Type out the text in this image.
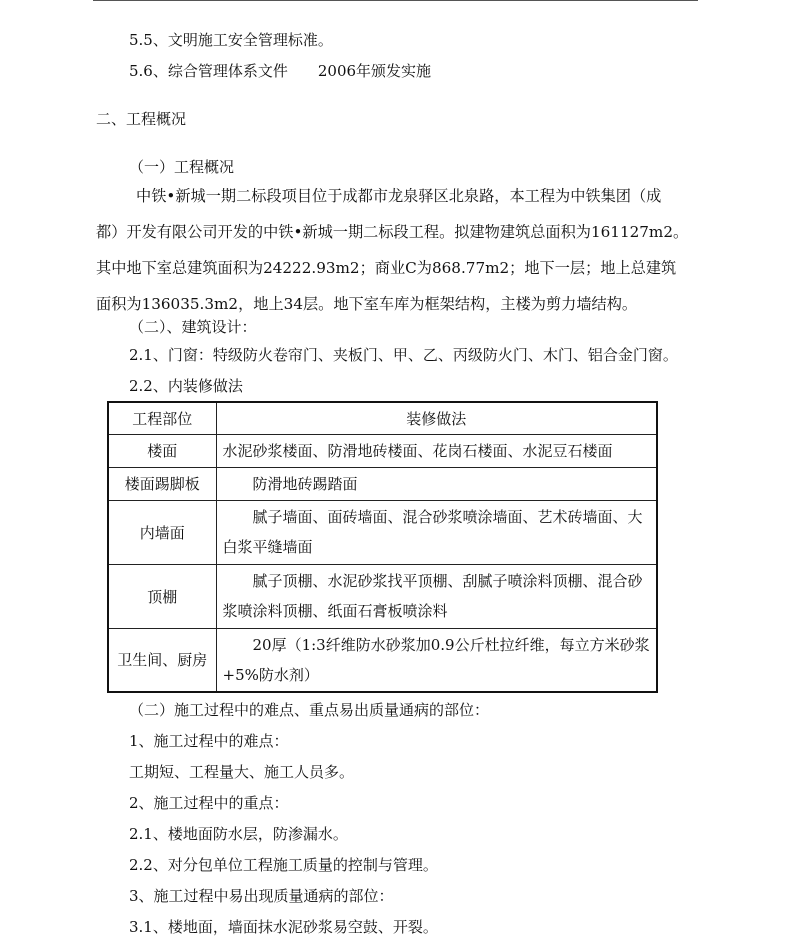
5.5、文明施工安全管理标准。
5.6、综合管理体系文件　　2006年颁发实施
二、工程概况
（一）工程概况
中铁•新城一期二标段项目位于成都市龙泉驿区北泉路，本工程为中铁集团（成
都）开发有限公司开发的中铁•新城一期二标段工程。拟建物建筑总面积为161127m2。
其中地下室总建筑面积为24222.93m2；商业C为868.77m2；地下一层；地上总建筑
面积为136035.3m2，地上34层。地下室车库为框架结构，主楼为剪力墙结构。
（二）、建筑设计：
2.1、门窗：特级防火卷帘门、夹板门、甲、乙、丙级防火门、木门、铝合金门窗。
2.2、内装修做法
工程部位	装修做法
楼面	水泥砂浆楼面、防滑地砖楼面、花岗石楼面、水泥豆石楼面
楼面踢脚板	防滑地砖踢踏面
内墙面	腻子墙面、面砖墙面、混合砂浆喷涂墙面、艺术砖墙面、大白浆平缝墙面
顶棚	腻子顶棚、水泥砂浆找平顶棚、刮腻子喷涂料顶棚、混合砂浆喷涂料顶棚、纸面石膏板喷涂料
卫生间、厨房	20厚（1:3纤维防水砂浆加0.9公斤杜拉纤维，每立方米砂浆+5%防水剂）
（二）施工过程中的难点、重点易出质量通病的部位：
1、施工过程中的难点：
工期短、工程量大、施工人员多。
2、施工过程中的重点：
2.1、楼地面防水层，防渗漏水。
2.2、对分包单位工程施工质量的控制与管理。
3、施工过程中易出现质量通病的部位：
3.1、楼地面，墙面抹水泥砂浆易空鼓、开裂。
